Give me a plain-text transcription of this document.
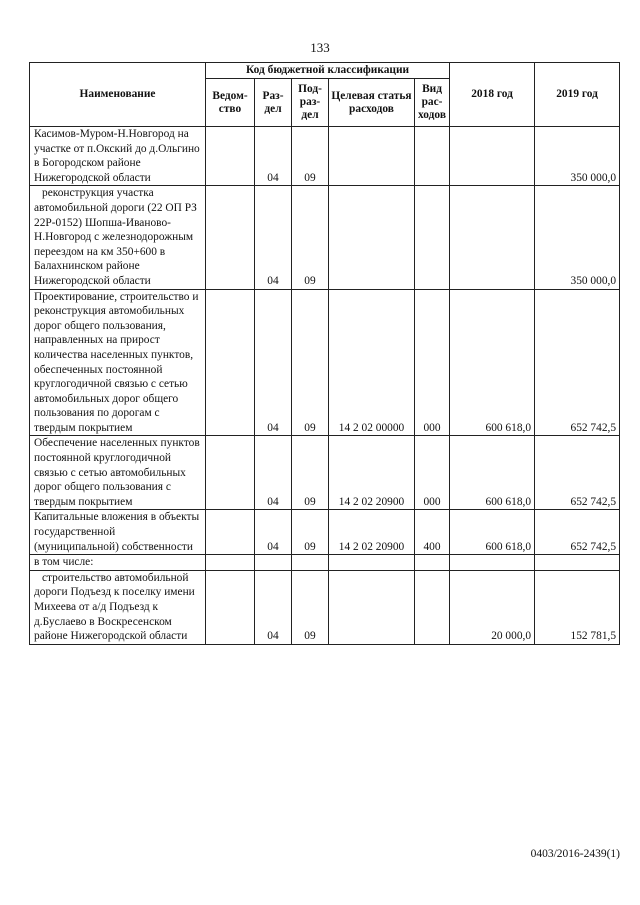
133
Наименование	Код бюджетной классификации					2018 год	2019 год
	Ведом-ство	Раз-дел	Под-раз-дел	Целевая статья расходов	Вид рас-ходов		
Касимов-Муром-Н.Новгород на участке от п.Окский до д.Ольгино в Богородском районе Нижегородской области		04	09				350 000,0
реконструкция участка автомобильной дороги (22 ОП РЗ 22Р-0152) Шопша-Иваново-Н.Новгород с железнодорожным переездом на км 350+600 в Балахнинском районе Нижегородской области		04	09				350 000,0
Проектирование, строительство и реконструкция автомобильных дорог общего пользования, направленных на прирост количества населенных пунктов, обеспеченных постоянной круглогодичной связью с сетью автомобильных дорог общего пользования по дорогам с твердым покрытием		04	09	14 2 02 00000	000	600 618,0	652 742,5
Обеспечение населенных пунктов постоянной круглогодичной связью с сетью автомобильных дорог общего пользования с твердым покрытием		04	09	14 2 02 20900	000	600 618,0	652 742,5
Капитальные вложения в объекты государственной (муниципальной) собственности		04	09	14 2 02 20900	400	600 618,0	652 742,5
в том числе:							
строительство автомобильной дороги Подъезд к поселку имени Михеева от а/д Подъезд к д.Буслаево в Воскресенском районе Нижегородской области		04	09			20 000,0	152 781,5
0403/2016-2439(1)
